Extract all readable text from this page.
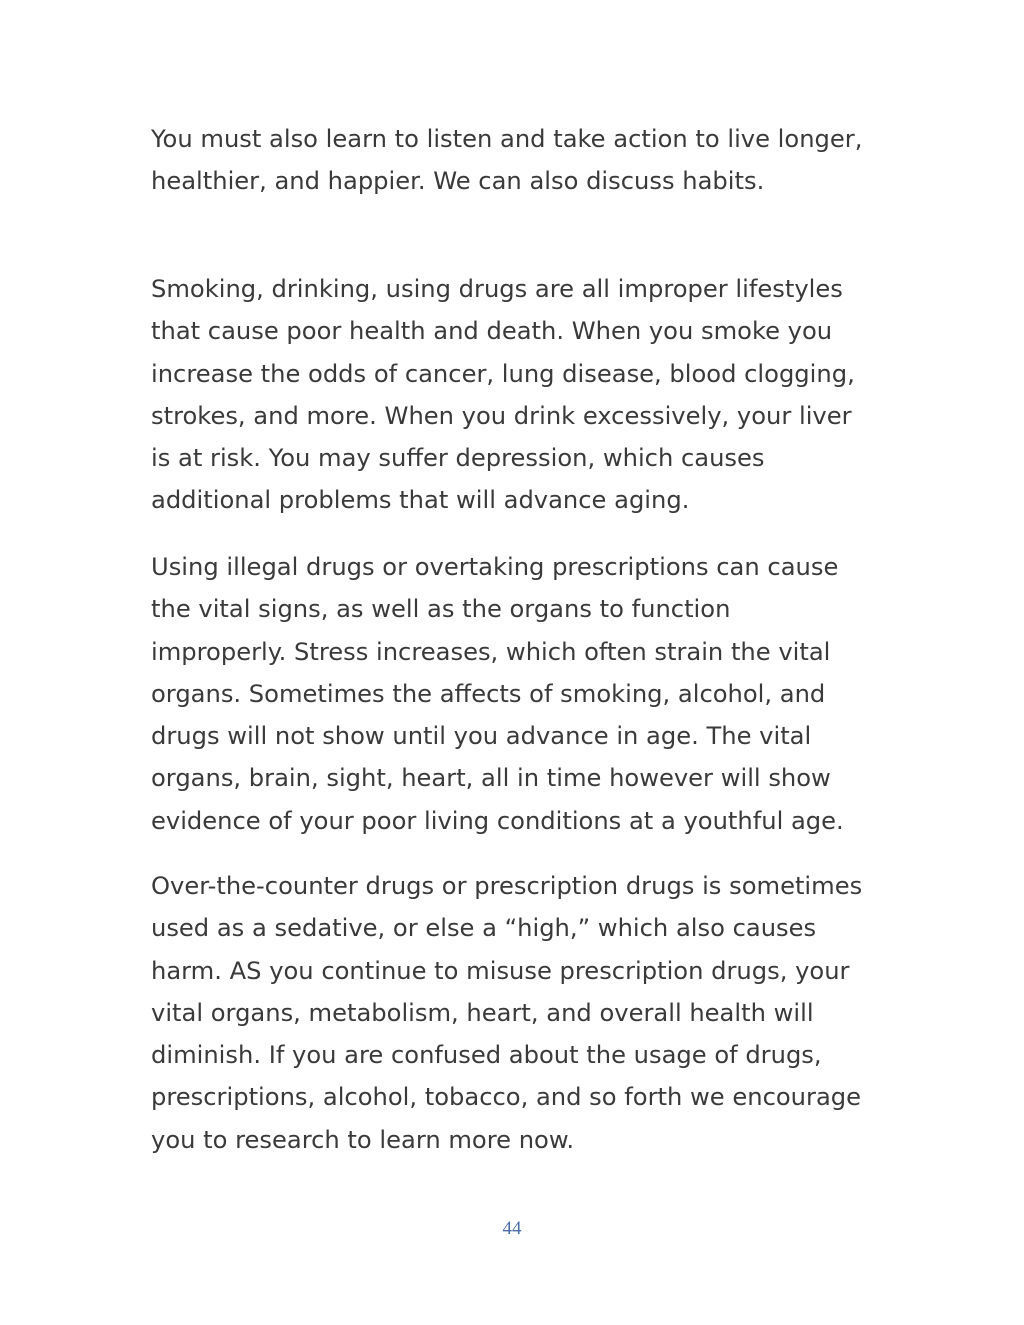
You must also learn to listen and take action to live longer,
healthier, and happier. We can also discuss habits.

Smoking, drinking, using drugs are all improper lifestyles
that cause poor health and death. When you smoke you
increase the odds of cancer, lung disease, blood clogging,
strokes, and more. When you drink excessively, your liver
is at risk. You may suffer depression, which causes
additional problems that will advance aging.

Using illegal drugs or overtaking prescriptions can cause
the vital signs, as well as the organs to function
improperly. Stress increases, which often strain the vital
organs. Sometimes the affects of smoking, alcohol, and
drugs will not show until you advance in age. The vital
organs, brain, sight, heart, all in time however will show
evidence of your poor living conditions at a youthful age.

Over-the-counter drugs or prescription drugs is sometimes
used as a sedative, or else a “high,” which also causes
harm. AS you continue to misuse prescription drugs, your
vital organs, metabolism, heart, and overall health will
diminish. If you are confused about the usage of drugs,
prescriptions, alcohol, tobacco, and so forth we encourage
you to research to learn more now.

44
